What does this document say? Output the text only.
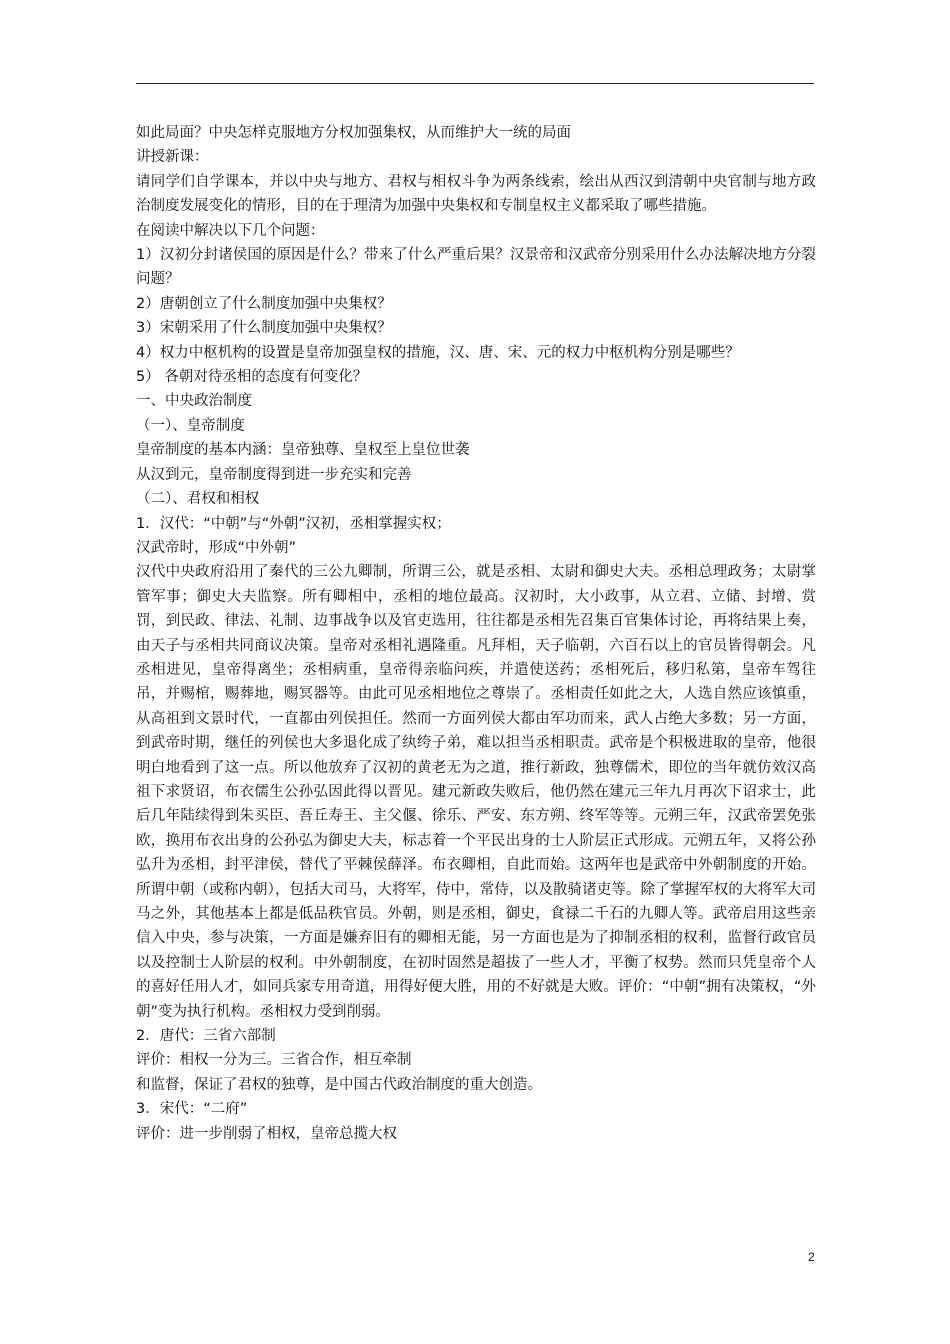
如此局面？中央怎样克服地方分权加强集权，从而维护大一统的局面

讲授新课：

请同学们自学课本，并以中央与地方、君权与相权斗争为两条线索，绘出从西汉到清朝中央官制与地方政治制度发展变化的情形，目的在于理清为加强中央集权和专制皇权主义都采取了哪些措施。

在阅读中解决以下几个问题：

1）汉初分封诸侯国的原因是什么？带来了什么严重后果？汉景帝和汉武帝分别采用什么办法解决地方分裂问题？

2）唐朝创立了什么制度加强中央集权？

3）宋朝采用了什么制度加强中央集权？

4）权力中枢机构的设置是皇帝加强皇权的措施，汉、唐、宋、元的权力中枢机构分别是哪些？

5） 各朝对待丞相的态度有何变化？

一、中央政治制度

（一）、皇帝制度

皇帝制度的基本内涵：皇帝独尊、皇权至上皇位世袭

从汉到元，皇帝制度得到进一步充实和完善

（二）、君权和相权

1．汉代：“中朝”与“外朝”汉初，丞相掌握实权；

汉武帝时，形成“中外朝”

汉代中央政府沿用了秦代的三公九卿制，所谓三公，就是丞相、太尉和御史大夫。丞相总理政务；太尉掌管军事；御史大夫监察。所有卿相中，丞相的地位最高。汉初时，大小政事，从立君、立储、封增、赏罚，到民政、律法、礼制、边事战争以及官吏选用，往往都是丞相先召集百官集体讨论，再将结果上奏，由天子与丞相共同商议决策。皇帝对丞相礼遇隆重。凡拜相，天子临朝，六百石以上的官员皆得朝会。凡丞相进见，皇帝得离坐；丞相病重，皇帝得亲临问疾，并遣使送药；丞相死后，移归私第，皇帝车驾往吊，并赐棺，赐葬地，赐冥器等。由此可见丞相地位之尊崇了。丞相责任如此之大，人选自然应该慎重，从高祖到文景时代，一直都由列侯担任。然而一方面列侯大都由军功而来，武人占绝大多数；另一方面，到武帝时期，继任的列侯也大多退化成了纨绔子弟，难以担当丞相职责。武帝是个积极进取的皇帝，他很明白地看到了这一点。所以他放弃了汉初的黄老无为之道，推行新政，独尊儒术，即位的当年就仿效汉高祖下求贤诏，布衣儒生公孙弘因此得以晋见。建元新政失败后，他仍然在建元三年九月再次下诏求士，此后几年陆续得到朱买臣、吾丘寿王、主父偃、徐乐、严安、东方朔、终军等等。元朔三年，汉武帝罢免张欧，换用布衣出身的公孙弘为御史大夫，标志着一个平民出身的士人阶层正式形成。元朔五年，又将公孙弘升为丞相，封平津侯，替代了平棘侯薛泽。布衣卿相，自此而始。这两年也是武帝中外朝制度的开始。所谓中朝（或称内朝），包括大司马，大将军，侍中，常侍，以及散骑诸吏等。除了掌握军权的大将军大司马之外，其他基本上都是低品秩官员。外朝，则是丞相，御史，食禄二千石的九卿人等。武帝启用这些亲信入中央，参与决策，一方面是嫌弃旧有的卿相无能，另一方面也是为了抑制丞相的权利，监督行政官员以及控制士人阶层的权利。中外朝制度，在初时固然是超拔了一些人才，平衡了权势。然而只凭皇帝个人的喜好任用人才，如同兵家专用奇道，用得好便大胜，用的不好就是大败。评价：“中朝”拥有决策权，“外朝”变为执行机构。丞相权力受到削弱。

2．唐代：三省六部制

评价：相权一分为三。三省合作，相互牵制

和监督，保证了君权的独尊，是中国古代政治制度的重大创造。

3．宋代：“二府”

评价：进一步削弱了相权，皇帝总揽大权

2
